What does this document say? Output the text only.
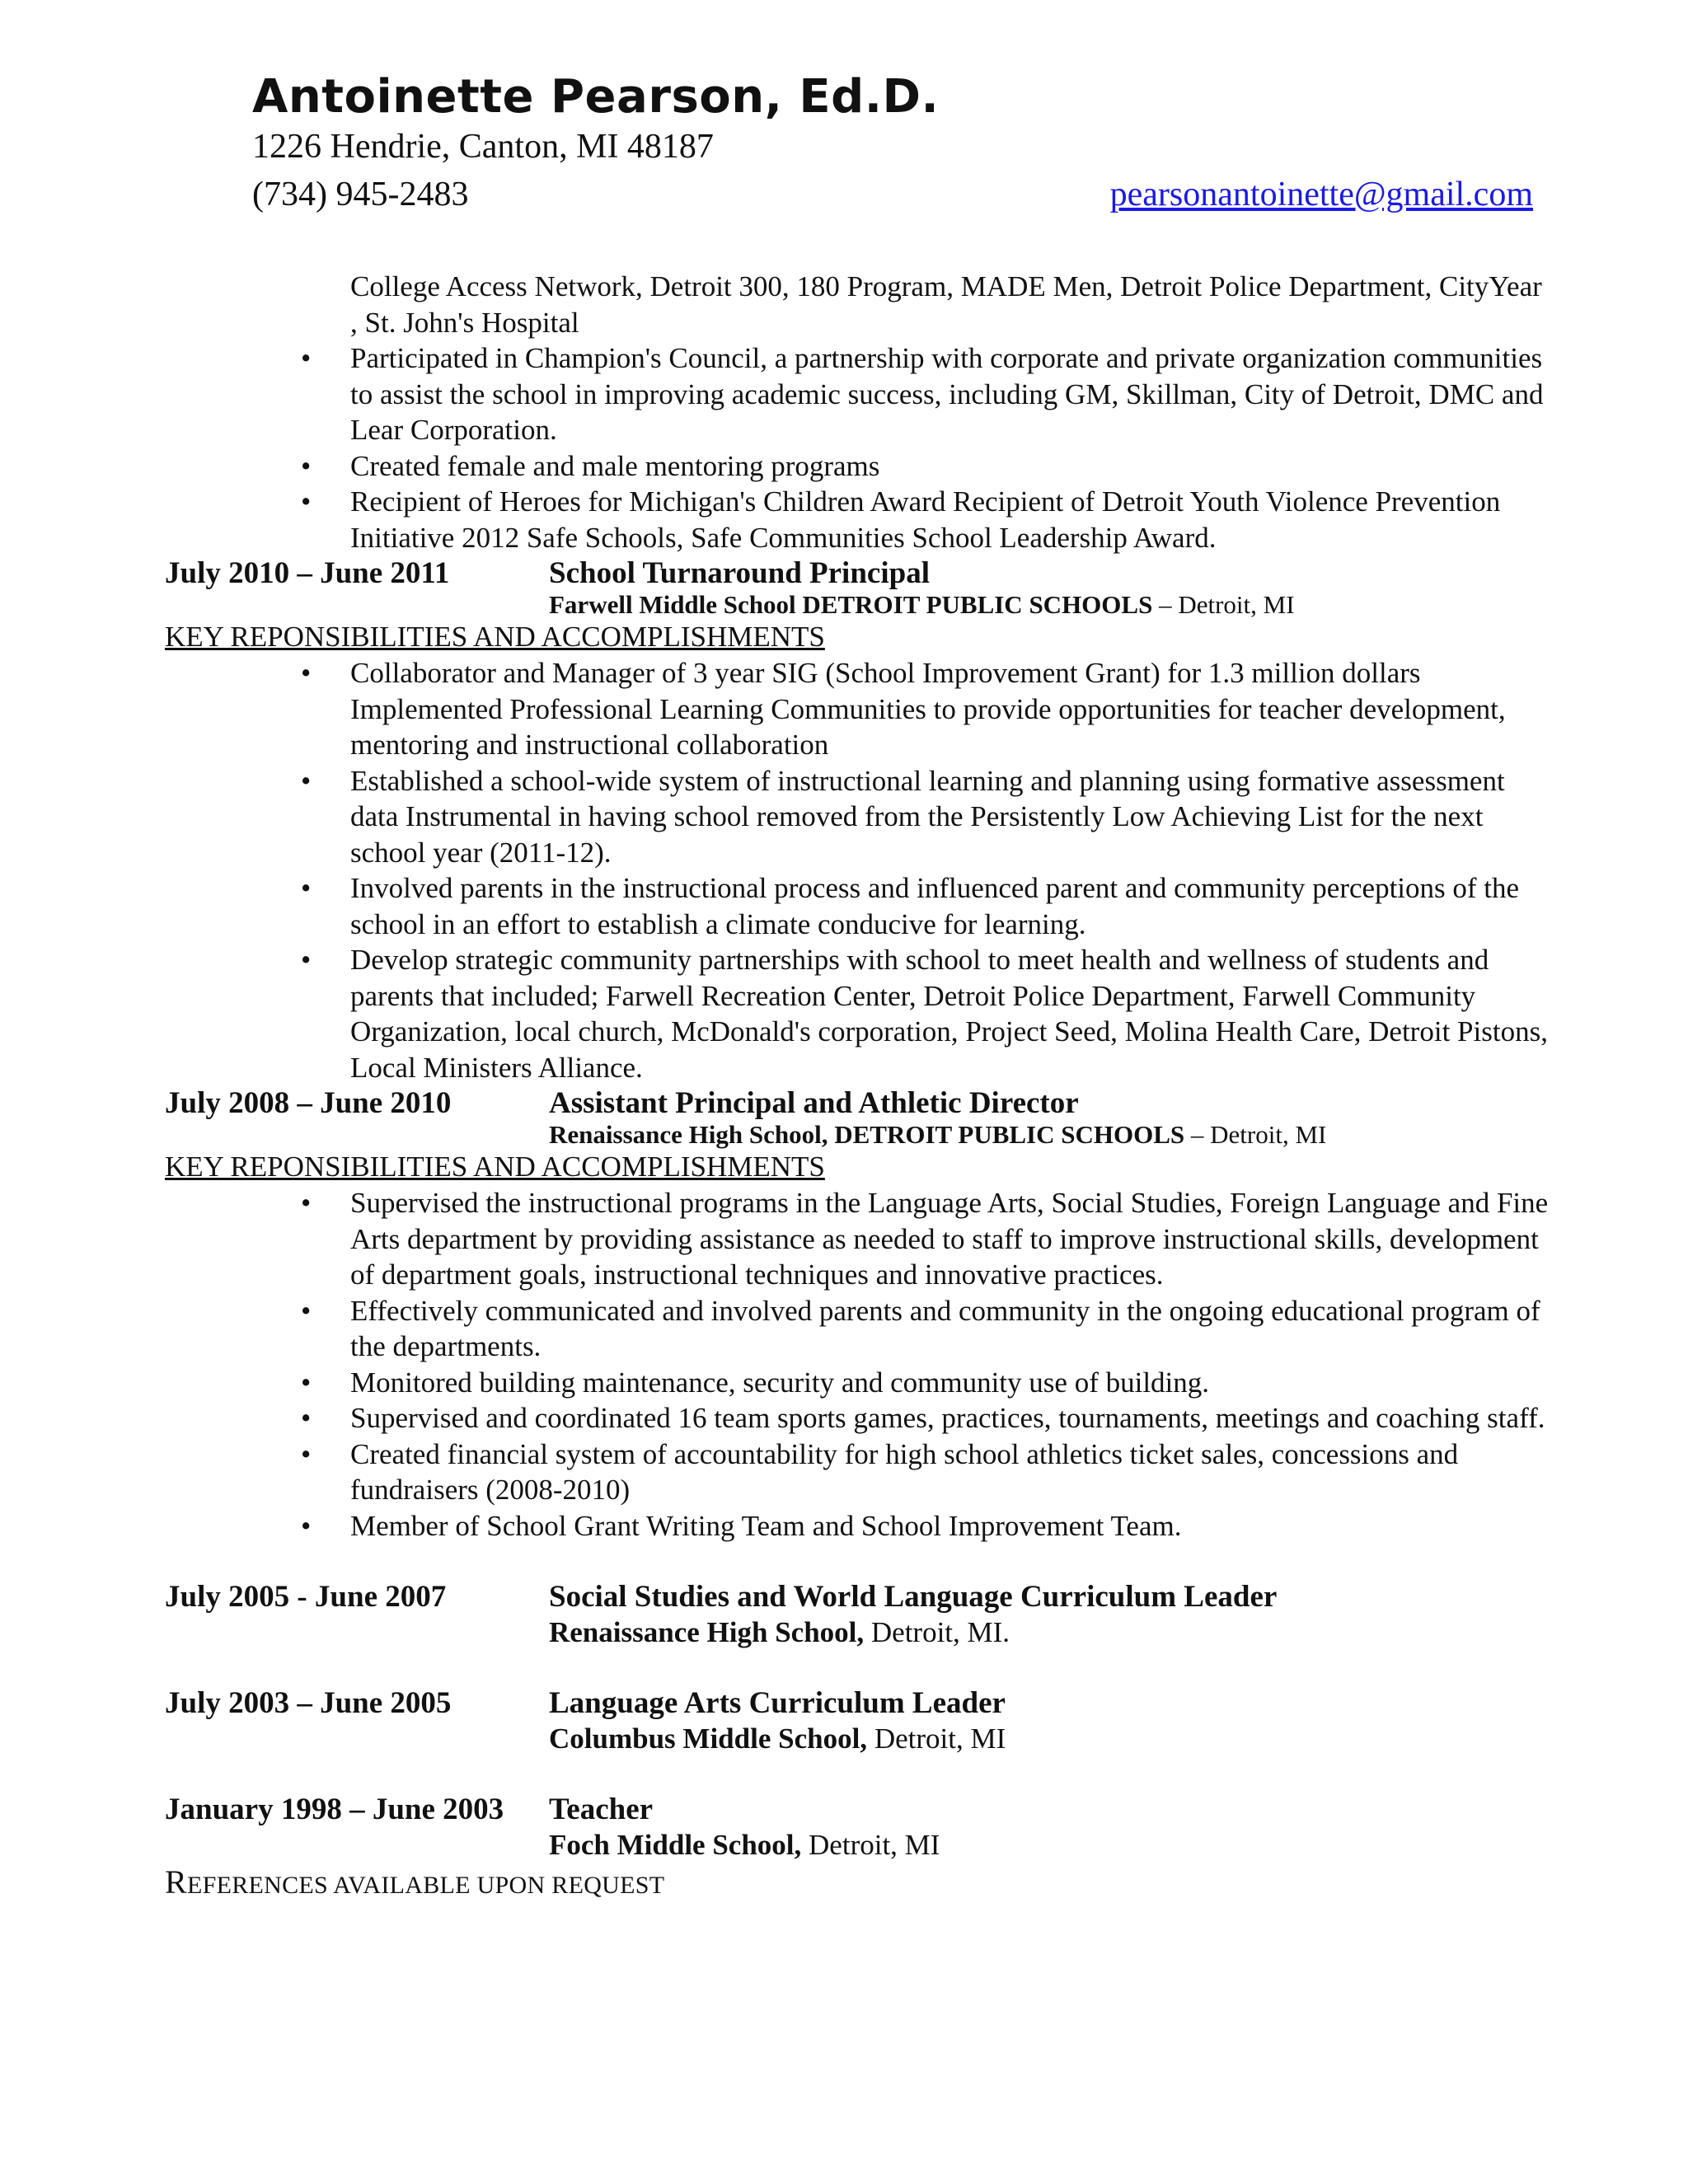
Antoinette Pearson, Ed.D.
1226 Hendrie, Canton, MI 48187
(734) 945-2483	pearsonantoinette@gmail.com
College Access Network, Detroit 300, 180 Program, MADE Men, Detroit Police Department, CityYear , St. John's Hospital
• Participated in Champion's Council, a partnership with corporate and private organization communities to assist the school in improving academic success, including GM, Skillman, City of Detroit, DMC and Lear Corporation.
• Created female and male mentoring programs
• Recipient of Heroes for Michigan's Children Award Recipient of Detroit Youth Violence Prevention Initiative 2012 Safe Schools, Safe Communities School Leadership Award.
July 2010 – June 2011	School Turnaround Principal
Farwell Middle School DETROIT PUBLIC SCHOOLS – Detroit, MI
KEY REPONSIBILITIES AND ACCOMPLISHMENTS
• Collaborator and Manager of 3 year SIG (School Improvement Grant) for 1.3 million dollars Implemented Professional Learning Communities to provide opportunities for teacher development, mentoring and instructional collaboration
• Established a school-wide system of instructional learning and planning using formative assessment data Instrumental in having school removed from the Persistently Low Achieving List for the next school year (2011-12).
• Involved parents in the instructional process and influenced parent and community perceptions of the school in an effort to establish a climate conducive for learning.
• Develop strategic community partnerships with school to meet health and wellness of students and parents that included; Farwell Recreation Center, Detroit Police Department, Farwell Community Organization, local church, McDonald's corporation, Project Seed, Molina Health Care, Detroit Pistons, Local Ministers Alliance.
July 2008 – June 2010	Assistant Principal and Athletic Director
Renaissance High School, DETROIT PUBLIC SCHOOLS – Detroit, MI
KEY REPONSIBILITIES AND ACCOMPLISHMENTS
• Supervised the instructional programs in the Language Arts, Social Studies, Foreign Language and Fine Arts department by providing assistance as needed to staff to improve instructional skills, development of department goals, instructional techniques and innovative practices.
• Effectively communicated and involved parents and community in the ongoing educational program of the departments.
• Monitored building maintenance, security and community use of building.
• Supervised and coordinated 16 team sports games, practices, tournaments, meetings and coaching staff.
• Created financial system of accountability for high school athletics ticket sales, concessions and fundraisers (2008-2010)
• Member of School Grant Writing Team and School Improvement Team.
July 2005 - June 2007	Social Studies and World Language Curriculum Leader
Renaissance High School, Detroit, MI.
July 2003 – June 2005	Language Arts Curriculum Leader
Columbus Middle School, Detroit, MI
January 1998 – June 2003	Teacher
Foch Middle School, Detroit, MI
REFERENCES AVAILABLE UPON REQUEST
